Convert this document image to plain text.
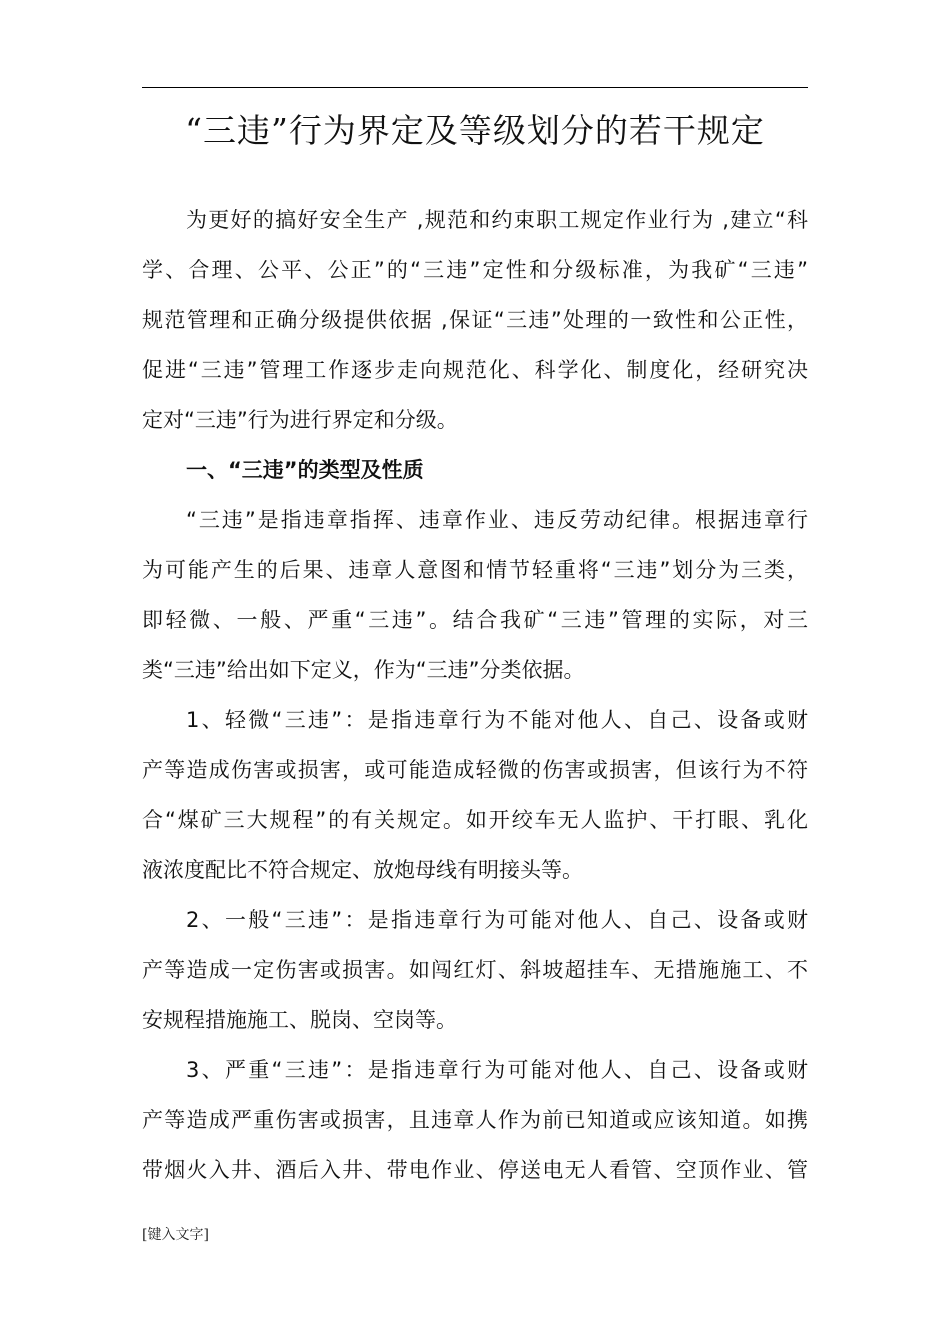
“三违”行为界定及等级划分的若干规定
为更好的搞好安全生产 ,规范和约束职工规定作业行为 ,建立“科
学、合理、公平、公正”的“三违”定性和分级标准，为我矿“三违”
规范管理和正确分级提供依据 ,保证“三违”处理的一致性和公正性，
促进“三违”管理工作逐步走向规范化、科学化、制度化，经研究决
定对“三违”行为进行界定和分级。
一、“三违”的类型及性质
“三违”是指违章指挥、违章作业、违反劳动纪律。根据违章行
为可能产生的后果、违章人意图和情节轻重将“三违”划分为三类，
即轻微、一般、严重“三违”。结合我矿“三违”管理的实际，对三
类“三违”给出如下定义，作为“三违”分类依据。
1、轻微“三违”：是指违章行为不能对他人、自己、设备或财
产等造成伤害或损害，或可能造成轻微的伤害或损害，但该行为不符
合“煤矿三大规程”的有关规定。如开绞车无人监护、干打眼、乳化
液浓度配比不符合规定、放炮母线有明接头等。
2、一般“三违”：是指违章行为可能对他人、自己、设备或财
产等造成一定伤害或损害。如闯红灯、斜坡超挂车、无措施施工、不
安规程措施施工、脱岗、空岗等。
3、严重“三违”：是指违章行为可能对他人、自己、设备或财
产等造成严重伤害或损害，且违章人作为前已知道或应该知道。如携
带烟火入井、酒后入井、带电作业、停送电无人看管、空顶作业、管
[键入文字]
